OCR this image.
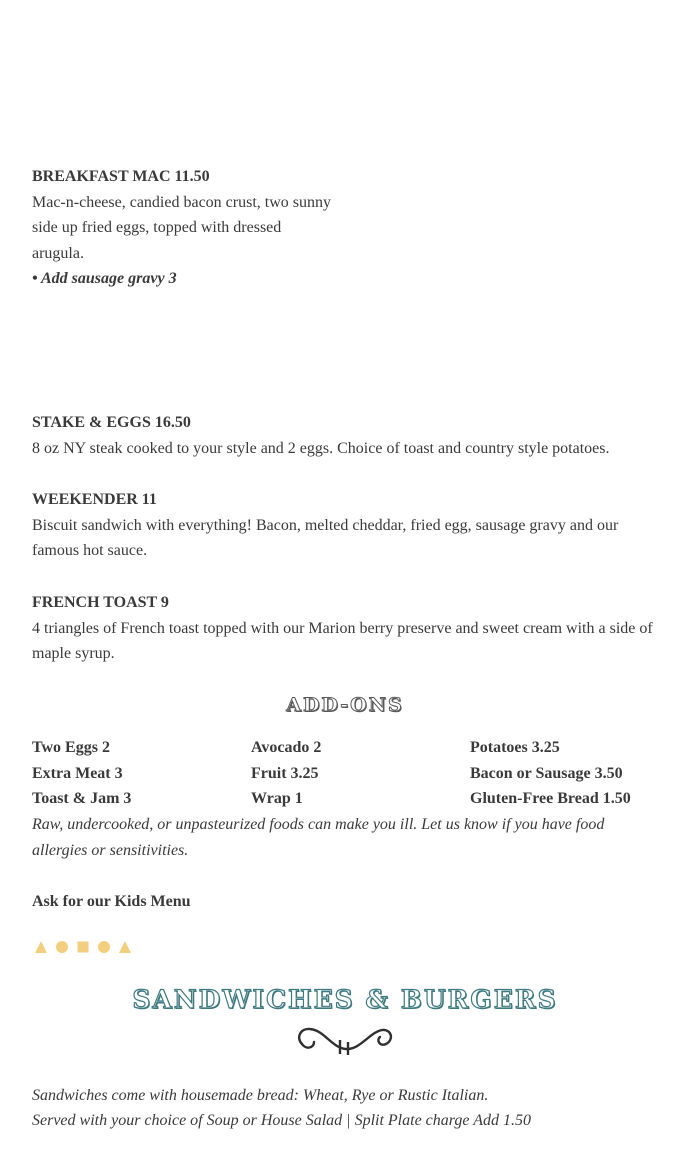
BREAKFAST MAC 11.50
Mac-n-cheese, candied bacon crust, two sunny side up fried eggs, topped with dressed arugula.
• Add sausage gravy 3
STAKE & EGGS 16.50
8 oz NY steak cooked to your style and 2 eggs. Choice of toast and country style potatoes.
WEEKENDER 11
Biscuit sandwich with everything! Bacon, melted cheddar, fried egg, sausage gravy and our famous hot sauce.
FRENCH TOAST 9
4 triangles of French toast topped with our Marion berry preserve and sweet cream with a side of maple syrup.
ADD-ONS
Two Eggs 2	Avocado 2	Potatoes 3.25
Extra Meat 3	Fruit 3.25	Bacon or Sausage 3.50
Toast & Jam 3	Wrap 1	Gluten-Free Bread 1.50
Raw, undercooked, or unpasteurized foods can make you ill. Let us know if you have food allergies or sensitivities.
Ask for our Kids Menu
SANDWICHES & BURGERS
Sandwiches come with housemade bread: Wheat, Rye or Rustic Italian.
Served with your choice of Soup or House Salad | Split Plate charge Add 1.50
